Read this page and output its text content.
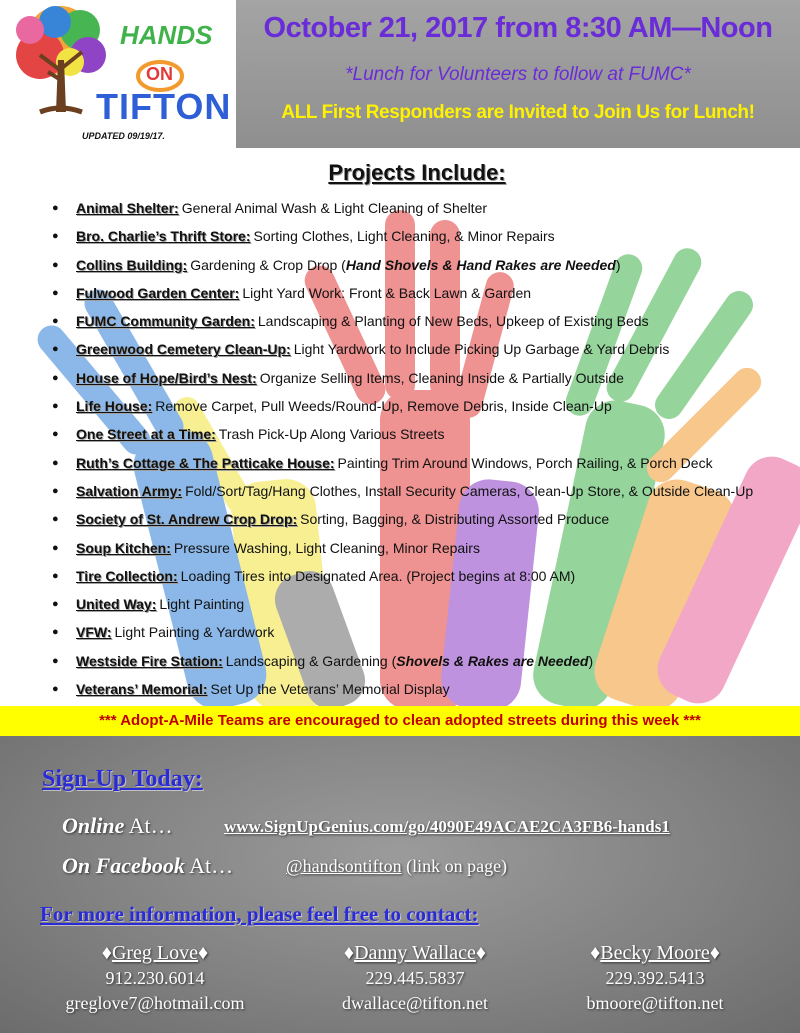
HANDS
ON
TIFTON
UPDATED 09/19/17.
October 21, 2017 from 8:30 AM—Noon
*Lunch for Volunteers to follow at FUMC*
ALL First Responders are Invited to Join Us for Lunch!
Projects Include:
●	Animal Shelter: General Animal Wash & Light Cleaning of Shelter
●	Bro. Charlie’s Thrift Store: Sorting Clothes, Light Cleaning, & Minor Repairs
●	Collins Building: Gardening & Crop Drop (Hand Shovels & Hand Rakes are Needed)
●	Fulwood Garden Center: Light Yard Work: Front & Back Lawn & Garden
●	FUMC Community Garden: Landscaping & Planting of New Beds, Upkeep of Existing Beds
●	Greenwood Cemetery Clean-Up: Light Yardwork to Include Picking Up Garbage & Yard Debris
●	House of Hope/Bird’s Nest: Organize Selling Items, Cleaning Inside & Partially Outside
●	Life House: Remove Carpet, Pull Weeds/Round-Up, Remove Debris, Inside Clean-Up
●	One Street at a Time: Trash Pick-Up Along Various Streets
●	Ruth’s Cottage & The Patticake House: Painting Trim Around Windows, Porch Railing, & Porch Deck
●	Salvation Army: Fold/Sort/Tag/Hang Clothes, Install Security Cameras, Clean-Up Store, & Outside Clean-Up
●	Society of St. Andrew Crop Drop: Sorting, Bagging, & Distributing Assorted Produce
●	Soup Kitchen: Pressure Washing, Light Cleaning, Minor Repairs
●	Tire Collection: Loading Tires into Designated Area. (Project begins at 8:00 AM)
●	United Way: Light Painting
●	VFW: Light Painting & Yardwork
●	Westside Fire Station: Landscaping & Gardening (Shovels & Rakes are Needed)
●	Veterans’ Memorial: Set Up the Veterans’ Memorial Display
*** Adopt-A-Mile Teams are encouraged to clean adopted streets during this week ***
Sign-Up Today:
Online At…	www.SignUpGenius.com/go/4090E49ACAE2CA3FB6-hands1
On Facebook At…	@handsontifton (link on page)
For more information, please feel free to contact:
♦Greg Love♦
912.230.6014
greglove7@hotmail.com
♦Danny Wallace♦
229.445.5837
dwallace@tifton.net
♦Becky Moore♦
229.392.5413
bmoore@tifton.net
